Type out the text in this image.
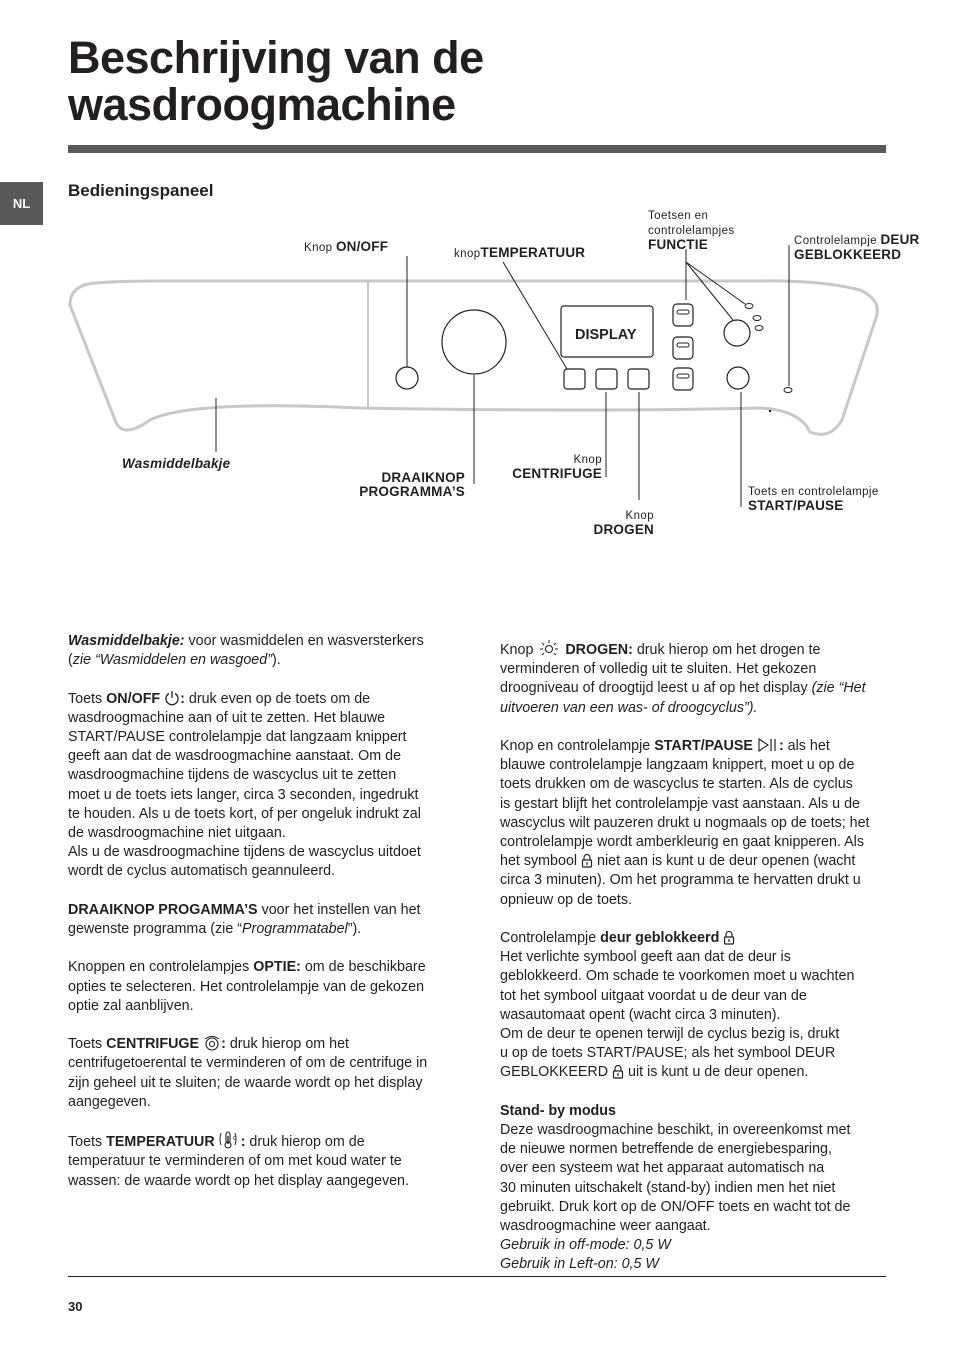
Beschrijving van de
wasdroogmachine
NL
Bedieningspaneel
DISPLAY
Knop ON/OFF	knopTEMPERATUUR
Toetsen en
controlelampjes
FUNCTIE	Controlelampje DEUR
GEBLOKKEERD
Wasmiddelbakje
DRAAIKNOP
PROGRAMMA’S
Knop
CENTRIFUGE
Knop
DROGEN
Toets en controlelampje
START/PAUSE

Wasmiddelbakje: voor wasmiddelen en wasversterkers
(zie “Wasmiddelen en wasgoed”).

Toets ON/OFF : druk even op de toets om de
wasdroogmachine aan of uit te zetten. Het blauwe
START/PAUSE controlelampje dat langzaam knippert
geeft aan dat de wasdroogmachine aanstaat. Om de
wasdroogmachine tijdens de wascyclus uit te zetten
moet u de toets iets langer, circa 3 seconden, ingedrukt
te houden. Als u de toets kort, of per ongeluk indrukt zal
de wasdroogmachine niet uitgaan.
Als u de wasdroogmachine tijdens de wascyclus uitdoet
wordt de cyclus automatisch geannuleerd.

DRAAIKNOP PROGAMMA’S voor het instellen van het
gewenste programma (zie “Programmatabel”).

Knoppen en controlelampjes OPTIE: om de beschikbare
opties te selecteren. Het controlelampje van de gekozen
optie zal aanblijven.

Toets CENTRIFUGE : druk hierop om het
centrifugetoerental te verminderen of om de centrifuge in
zijn geheel uit te sluiten; de waarde wordt op het display
aangegeven.

Toets TEMPERATUUR	c : druk hierop om de
temperatuur te verminderen of om met koud water te
wassen: de waarde wordt op het display aangegeven.

Knop  DROGEN: druk hierop om het drogen te
verminderen of volledig uit te sluiten. Het gekozen
droogniveau of droogtijd leest u af op het display (zie “Het
uitvoeren van een was- of droogcyclus”).

Knop en controlelampje START/PAUSE : als het
blauwe controlelampje langzaam knippert, moet u op de
toets drukken om de wascyclus te starten. Als de cyclus
is gestart blijft het controlelampje vast aanstaan. Als u de
wascyclus wilt pauzeren drukt u nogmaals op de toets; het
controlelampje wordt amberkleurig en gaat knipperen. Als
het symbool  niet aan is kunt u de deur openen (wacht
circa 3 minuten). Om het programma te hervatten drukt u
opnieuw op de toets.

Controlelampje deur geblokkeerd
Het verlichte symbool geeft aan dat de deur is
geblokkeerd. Om schade te voorkomen moet u wachten
tot het symbool uitgaat voordat u de deur van de
wasautomaat opent (wacht circa 3 minuten).
Om de deur te openen terwijl de cyclus bezig is, drukt
u op de toets START/PAUSE; als het symbool DEUR
GEBLOKKEERD  uit is kunt u de deur openen.

Stand- by modus
Deze wasdroogmachine beschikt, in overeenkomst met
de nieuwe normen betreffende de energiebesparing,
over een systeem wat het apparaat automatisch na
30 minuten uitschakelt (stand-by) indien men het niet
gebruikt. Druk kort op de ON/OFF toets en wacht tot de
wasdroogmachine weer aangaat.
Gebruik in off-mode: 0,5 W
Gebruik in Left-on: 0,5 W

30
